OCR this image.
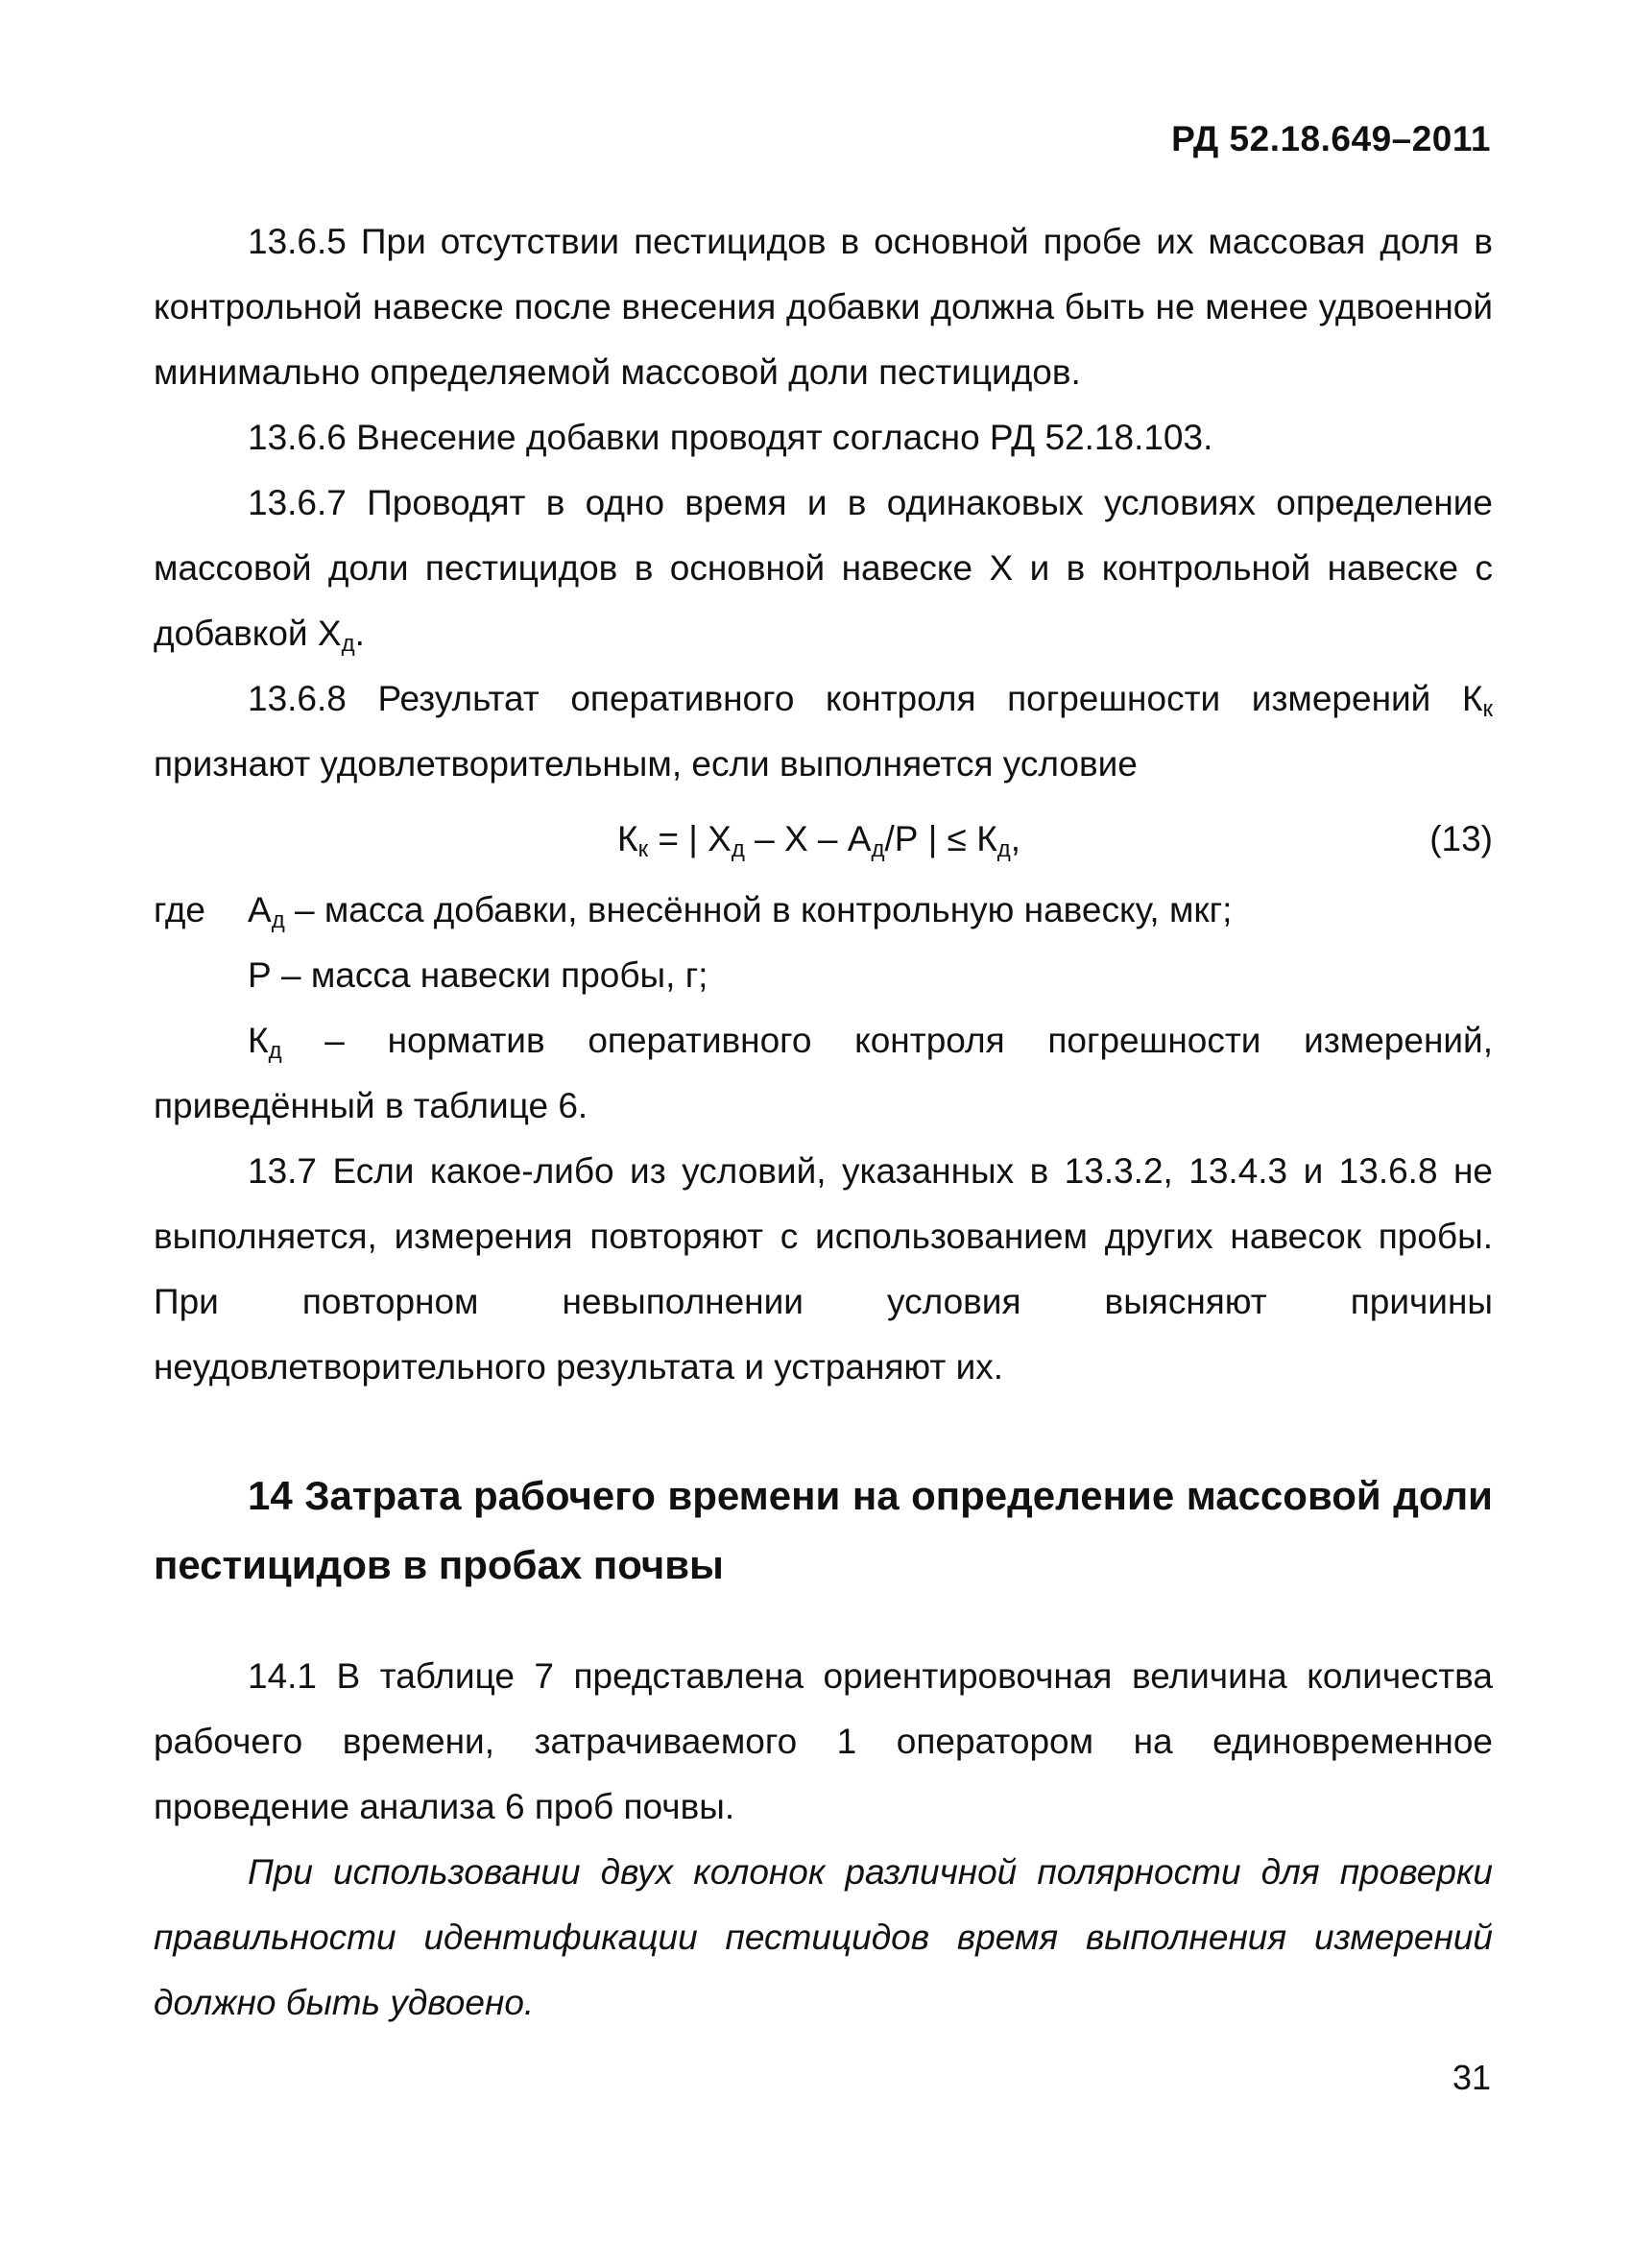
РД 52.18.649–2011

13.6.5 При отсутствии пестицидов в основной пробе их массовая доля в контрольной навеске после внесения добавки должна быть не менее удвоенной минимально определяемой массовой доли пестицидов.

13.6.6 Внесение добавки проводят согласно РД 52.18.103.

13.6.7 Проводят в одно время и в одинаковых условиях определение массовой доли пестицидов в основной навеске X и в контрольной навеске с добавкой $X_д$.

13.6.8 Результат оперативного контроля погрешности измерений $К_к$ признают удовлетворительным, если выполняется условие

$К_к$ = | $X_д$ – X – $А_д/Р$ | ≤ $К_д$,	(13)

где $А_д$ – масса добавки, внесённой в контрольную навеску, мкг;

Р – масса навески пробы, г;

$К_д$ – норматив оперативного контроля погрешности измерений, приведённый в таблице 6.

13.7 Если какое-либо из условий, указанных в 13.3.2, 13.4.3 и 13.6.8 не выполняется, измерения повторяют с использованием других навесок пробы. При повторном невыполнении условия выясняют причины неудовлетворительного результата и устраняют их.

14 Затрата рабочего времени на определение массовой доли пестицидов в пробах почвы

14.1 В таблице 7 представлена ориентировочная величина количества рабочего времени, затрачиваемого 1 оператором на единовременное проведение анализа 6 проб почвы.

При использовании двух колонок различной полярности для проверки правильности идентификации пестицидов время выполнения измерений должно быть удвоено.

31
